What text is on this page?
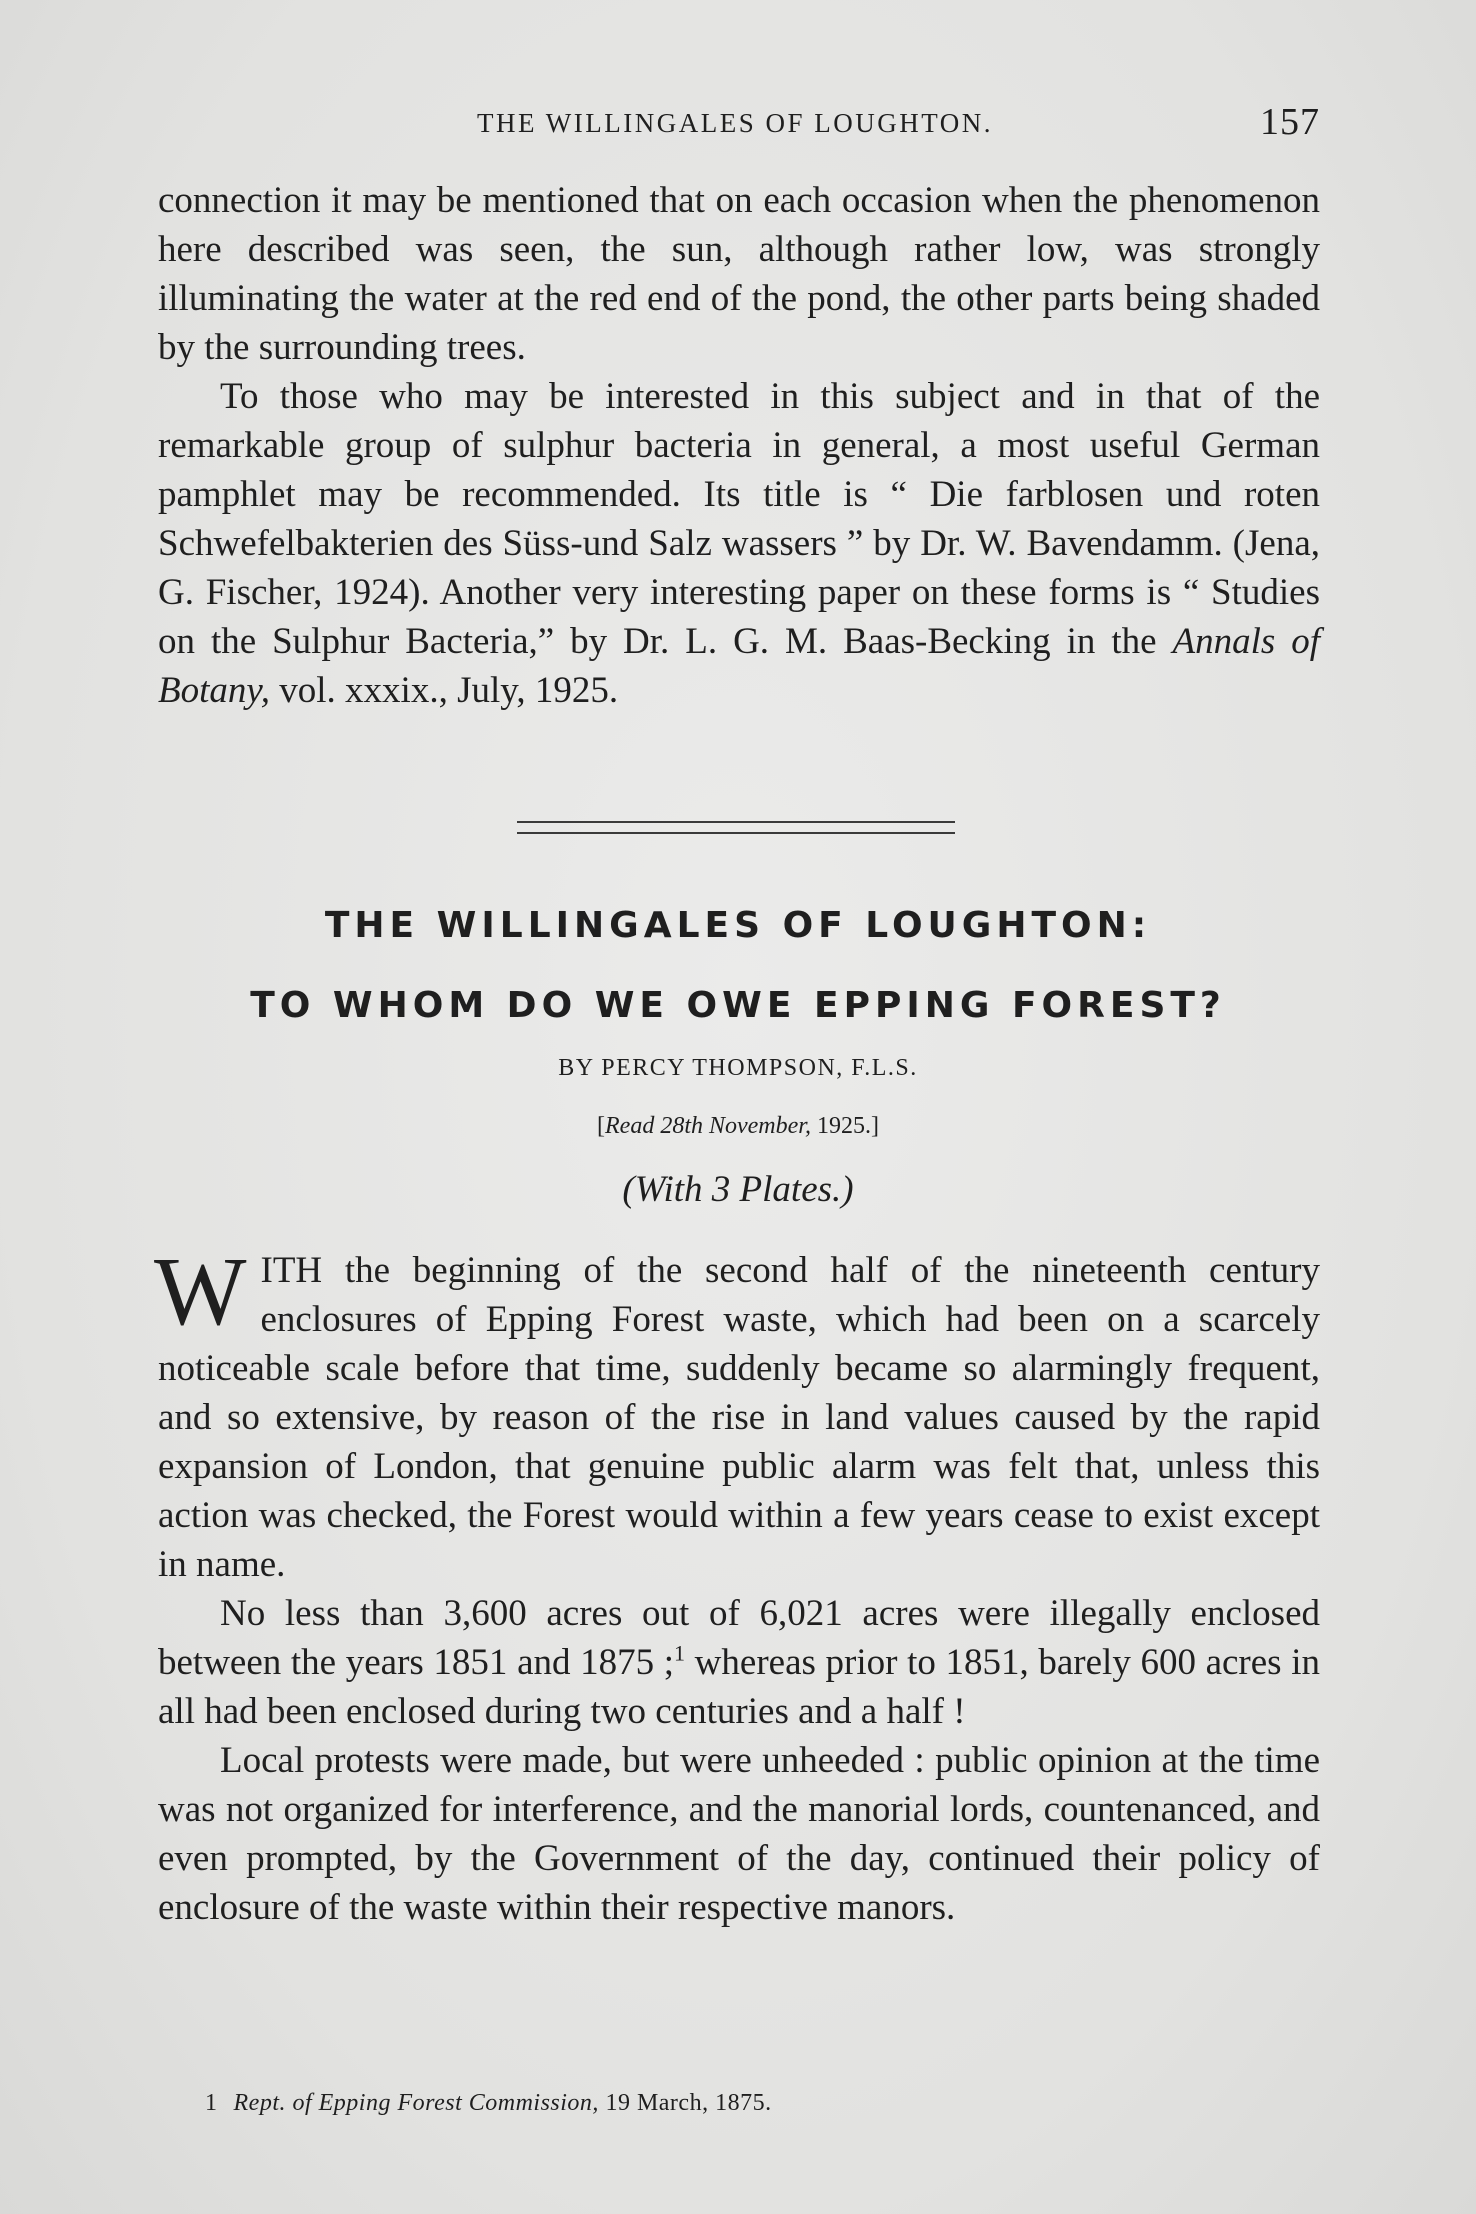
THE WILLINGALES OF LOUGHTON.	157

connection it may be mentioned that on each occasion when the phenomenon here described was seen, the sun, although rather low, was strongly illuminating the water at the red end of the pond, the other parts being shaded by the surrounding trees.

To those who may be interested in this subject and in that of the remarkable group of sulphur bacteria in general, a most useful German pamphlet may be recommended. Its title is “ Die farblosen und roten Schwefelbakterien des Süss-und Salz wassers ” by Dr. W. Bavendamm. (Jena, G. Fischer, 1924). Another very interesting paper on these forms is “ Studies on the Sulphur Bacteria,” by Dr. L. G. M. Baas-Becking in the Annals of Botany, vol. xxxix., July, 1925.

THE WILLINGALES OF LOUGHTON:
TO WHOM DO WE OWE EPPING FOREST?
BY PERCY THOMPSON, F.L.S.
[Read 28th November, 1925.]
(With 3 Plates.)

WITH the beginning of the second half of the nineteenth century enclosures of Epping Forest waste, which had been on a scarcely noticeable scale before that time, suddenly became so alarmingly frequent, and so extensive, by reason of the rise in land values caused by the rapid expansion of London, that genuine public alarm was felt that, unless this action was checked, the Forest would within a few years cease to exist except in name.

No less than 3,600 acres out of 6,021 acres were illegally enclosed between the years 1851 and 1875 ;$^1$ whereas prior to 1851, barely 600 acres in all had been enclosed during two centuries and a half !

Local protests were made, but were unheeded : public opinion at the time was not organized for interference, and the manorial lords, countenanced, and even prompted, by the Government of the day, continued their policy of enclosure of the waste within their respective manors.

1 Rept. of Epping Forest Commission, 19 March, 1875.
